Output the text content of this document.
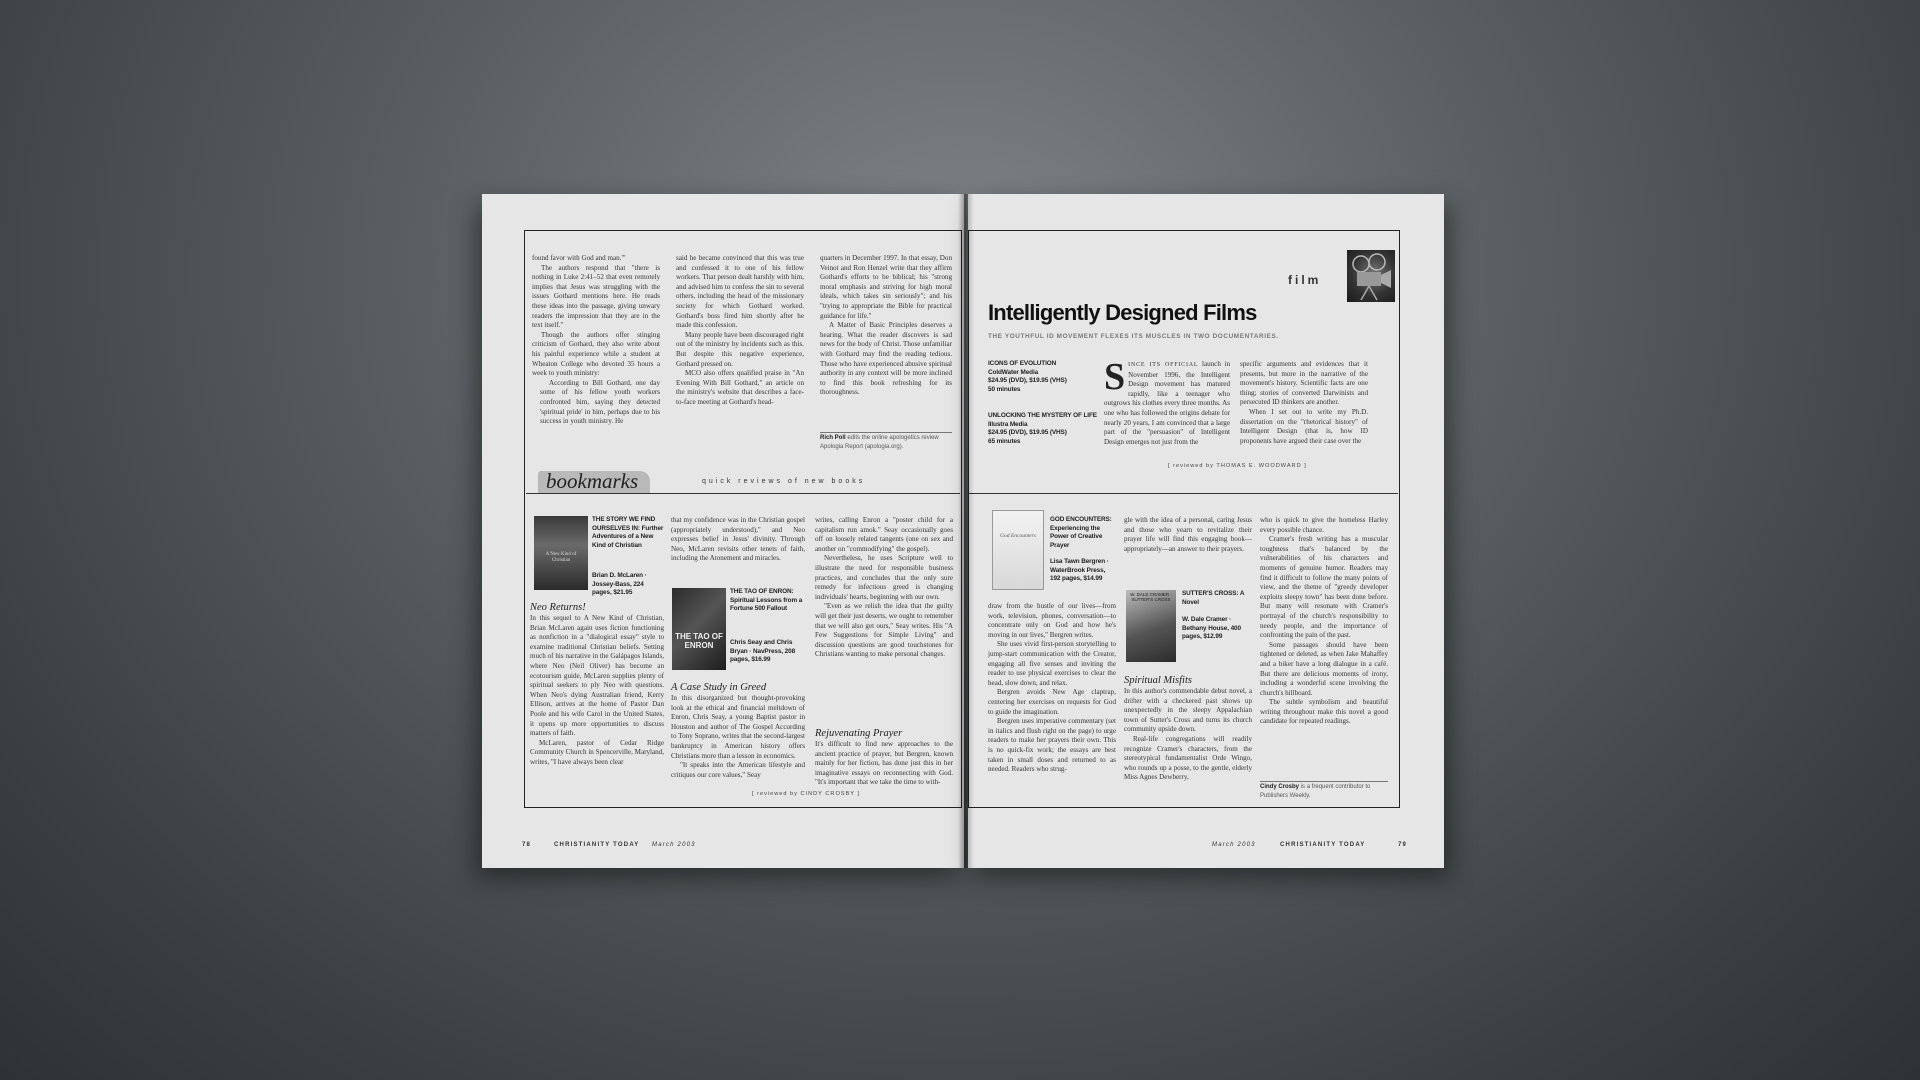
found favor with God and man.'"

The authors respond that "there is nothing in Luke 2:41–52 that even remotely implies that Jesus was struggling with the issues Gothard mentions here. He reads these ideas into the passage, giving unwary readers the impression that they are in the text itself."

Though the authors offer stinging criticism of Gothard, they also write about his painful experience while a student at Wheaton College who devoted 35 hours a week to youth ministry:

According to Bill Gothard, one day some of his fellow youth workers confronted him, saying they detected 'spiritual pride' in him, perhaps due to his success in youth ministry. He

said he became convinced that this was true and confessed it to one of his fellow workers. That person dealt harshly with him, and advised him to confess the sin to several others, including the head of the missionary society for which Gothard worked. Gothard's boss fired him shortly after he made this confession.

Many people have been discouraged right out of the ministry by incidents such as this. But despite this negative experience, Gothard pressed on.

MCO also offers qualified praise in "An Evening With Bill Gothard," an article on the ministry's website that describes a face-to-face meeting at Gothard's head-

quarters in December 1997. In that essay, Don Veinot and Ron Henzel write that they affirm Gothard's efforts to be biblical; his "strong moral emphasis and striving for high moral ideals, which takes sin seriously"; and his "trying to appropriate the Bible for practical guidance for life."

A Matter of Basic Principles deserves a hearing. What the reader discovers is sad news for the body of Christ. Those unfamiliar with Gothard may find the reading tedious. Those who have experienced abusive spiritual authority in any context will be more inclined to find this book refreshing for its thoroughness.

Rich Poll edits the online apologetics review Apologia Report (apologia.org).
bookmarks	quick reviews of new books
A New Kind of Christian
THE STORY WE FIND OURSELVES IN: Further Adventures of a New Kind of Christian
Brian D. McLaren · Jossey-Bass, 224 pages, $21.95
Neo Returns!

In this sequel to A New Kind of Christian, Brian McLaren again uses fiction functioning as nonfiction in a "dialogical essay" style to examine traditional Christian beliefs. Setting much of his narrative in the Galápagos Islands, where Neo (Neil Oliver) has become an ecotourism guide, McLaren supplies plenty of spiritual seekers to ply Neo with questions. When Neo's dying Australian friend, Kerry Ellison, arrives at the home of Pastor Dan Poole and his wife Carol in the United States, it opens up more opportunities to discuss matters of faith.

McLaren, pastor of Cedar Ridge Community Church in Spencerville, Maryland, writes, "I have always been clear

that my confidence was in the Christian gospel (appropriately understood)," and Neo expresses belief in Jesus' divinity. Through Neo, McLaren revisits other tenets of faith, including the Atonement and miracles.

THE TAO OF ENRON
THE TAO OF ENRON: Spiritual Lessons from a Fortune 500 Fallout
Chris Seay and Chris Bryan · NavPress, 208 pages, $16.99
A Case Study in Greed

In this disorganized but thought-provoking look at the ethical and financial meltdown of Enron, Chris Seay, a young Baptist pastor in Houston and author of The Gospel According to Tony Soprano, writes that the second-largest bankruptcy in American history offers Christians more than a lesson in economics.

"It speaks into the American lifestyle and critiques our core values," Seay

writes, calling Enron a "poster child for a capitalism run amok." Seay occasionally goes off on loosely related tangents (one on sex and another on "commodifying" the gospel).

Nevertheless, he uses Scripture well to illustrate the need for responsible business practices, and concludes that the only sure remedy for infectious greed is changing individuals' hearts, beginning with our own.

"Even as we relish the idea that the guilty will get their just deserts, we ought to remember that we will also get ours," Seay writes. His "A Few Suggestions for Simple Living" and discussion questions are good touchstones for Christians wanting to make personal changes.

Rejuvenating Prayer

It's difficult to find new approaches to the ancient practice of prayer, but Bergren, known mainly for her fiction, has done just this in her imaginative essays on reconnecting with God. "It's important that we take the time to with-

[ reviewed by CINDY CROSBY ]
78	CHRISTIANITY TODAY March 2003
film
Intelligently Designed Films
THE YOUTHFUL ID MOVEMENT FLEXES ITS MUSCLES IN TWO DOCUMENTARIES.
ICONS OF EVOLUTION
ColdWater Media
$24.95 (DVD), $19.95 (VHS)
50 minutes
UNLOCKING THE MYSTERY OF LIFE
Illustra Media
$24.95 (DVD), $19.95 (VHS)
65 minutes
S INCE ITS OFFICIAL launch in November 1996, the Intelligent Design movement has matured rapidly, like a teenager who outgrows his clothes every three months. As one who has followed the origins debate for nearly 20 years, I am convinced that a large part of the "persuasion" of Intelligent Design emerges not just from the

specific arguments and evidences that it presents, but more in the narrative of the movement's history. Scientific facts are one thing; stories of converted Darwinists and persecuted ID thinkers are another.

When I set out to write my Ph.D. dissertation on the "rhetorical history" of Intelligent Design (that is, how ID proponents have argued their case over the

[ reviewed by THOMAS E. WOODWARD ]
God Encounters
GOD ENCOUNTERS: Experiencing the Power of Creative Prayer
Lisa Tawn Bergren · WaterBrook Press, 192 pages, $14.99

draw from the hustle of our lives—from work, television, phones, conversation—to concentrate only on God and how he's moving in our lives," Bergren writes.

She uses vivid first-person storytelling to jump-start communication with the Creator, engaging all five senses and inviting the reader to use physical exercises to clear the head, slow down, and relax.

Bergren avoids New Age claptrap, centering her exercises on requests for God to guide the imagination.

Bergren uses imperative commentary (set in italics and flush right on the page) to urge readers to make her prayers their own. This is no quick-fix work; the essays are best taken in small doses and returned to as needed. Readers who strug-

gle with the idea of a personal, caring Jesus and those who yearn to revitalize their prayer life will find this engaging book—appropriately—an answer to their prayers.

W. DALE CRAMER · SUTTER'S CROSS
SUTTER'S CROSS: A Novel
W. Dale Cramer · Bethany House, 400 pages, $12.99
Spiritual Misfits

In this author's commendable debut novel, a drifter with a checkered past shows up unexpectedly in the sleepy Appalachian town of Sutter's Cross and turns its church community upside down.

Real-life congregations will readily recognize Cramer's characters, from the stereotypical fundamentalist Orde Wingo, who rounds up a posse, to the gentle, elderly Miss Agnes Dewberry,

who is quick to give the homeless Harley every possible chance.

Cramer's fresh writing has a muscular toughness that's balanced by the vulnerabilities of his characters and moments of genuine humor. Readers may find it difficult to follow the many points of view, and the theme of "greedy developer exploits sleepy town" has been done before. But many will resonate with Cramer's portrayal of the church's responsibility to needy people, and the importance of confronting the pain of the past.

Some passages should have been tightened or deleted, as when Jake Mahaffey and a biker have a long dialogue in a café. But there are delicious moments of irony, including a wonderful scene involving the church's hillboard.

The subtle symbolism and beautiful writing throughout make this novel a good candidate for repeated readings.

Cindy Crosby is a frequent contributor to Publishers Weekly.
March 2003	CHRISTIANITY TODAY	79
